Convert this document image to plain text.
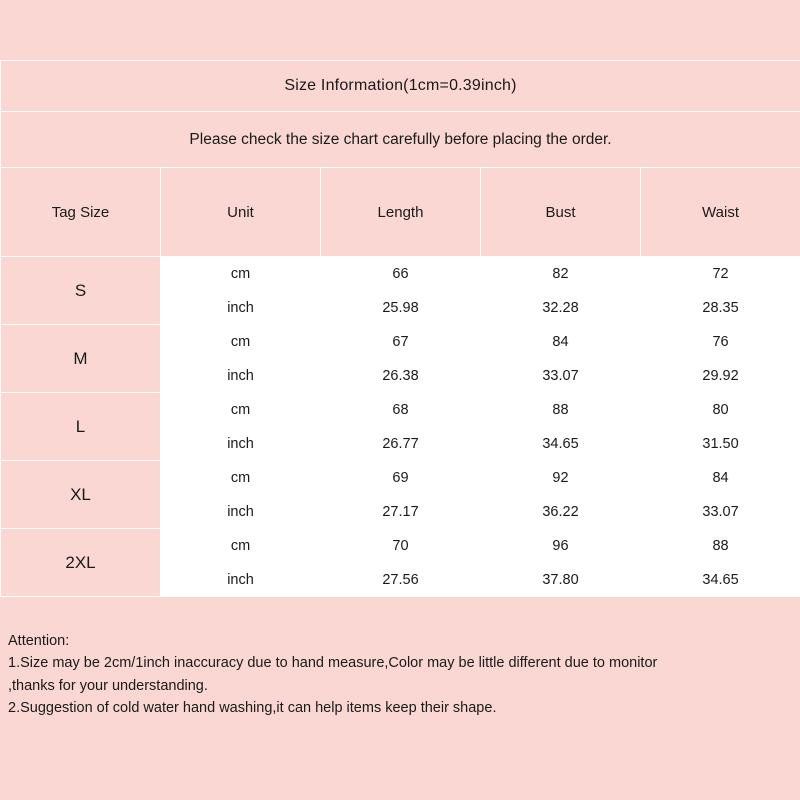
Size Information(1cm=0.39inch)				
Please check the size chart carefully before placing the order.				
Tag Size	Unit	Length	Bust	Waist
S	cm	66	82	72
	inch	25.98	32.28	28.35
M	cm	67	84	76
	inch	26.38	33.07	29.92
L	cm	68	88	80
	inch	26.77	34.65	31.50
XL	cm	69	92	84
	inch	27.17	36.22	33.07
2XL	cm	70	96	88
	inch	27.56	37.80	34.65
Attention:
1.Size may be 2cm/1inch inaccuracy due to hand measure,Color may be little different due to monitor
,thanks for your understanding.
2.Suggestion of cold water hand washing,it can help items keep their shape.
